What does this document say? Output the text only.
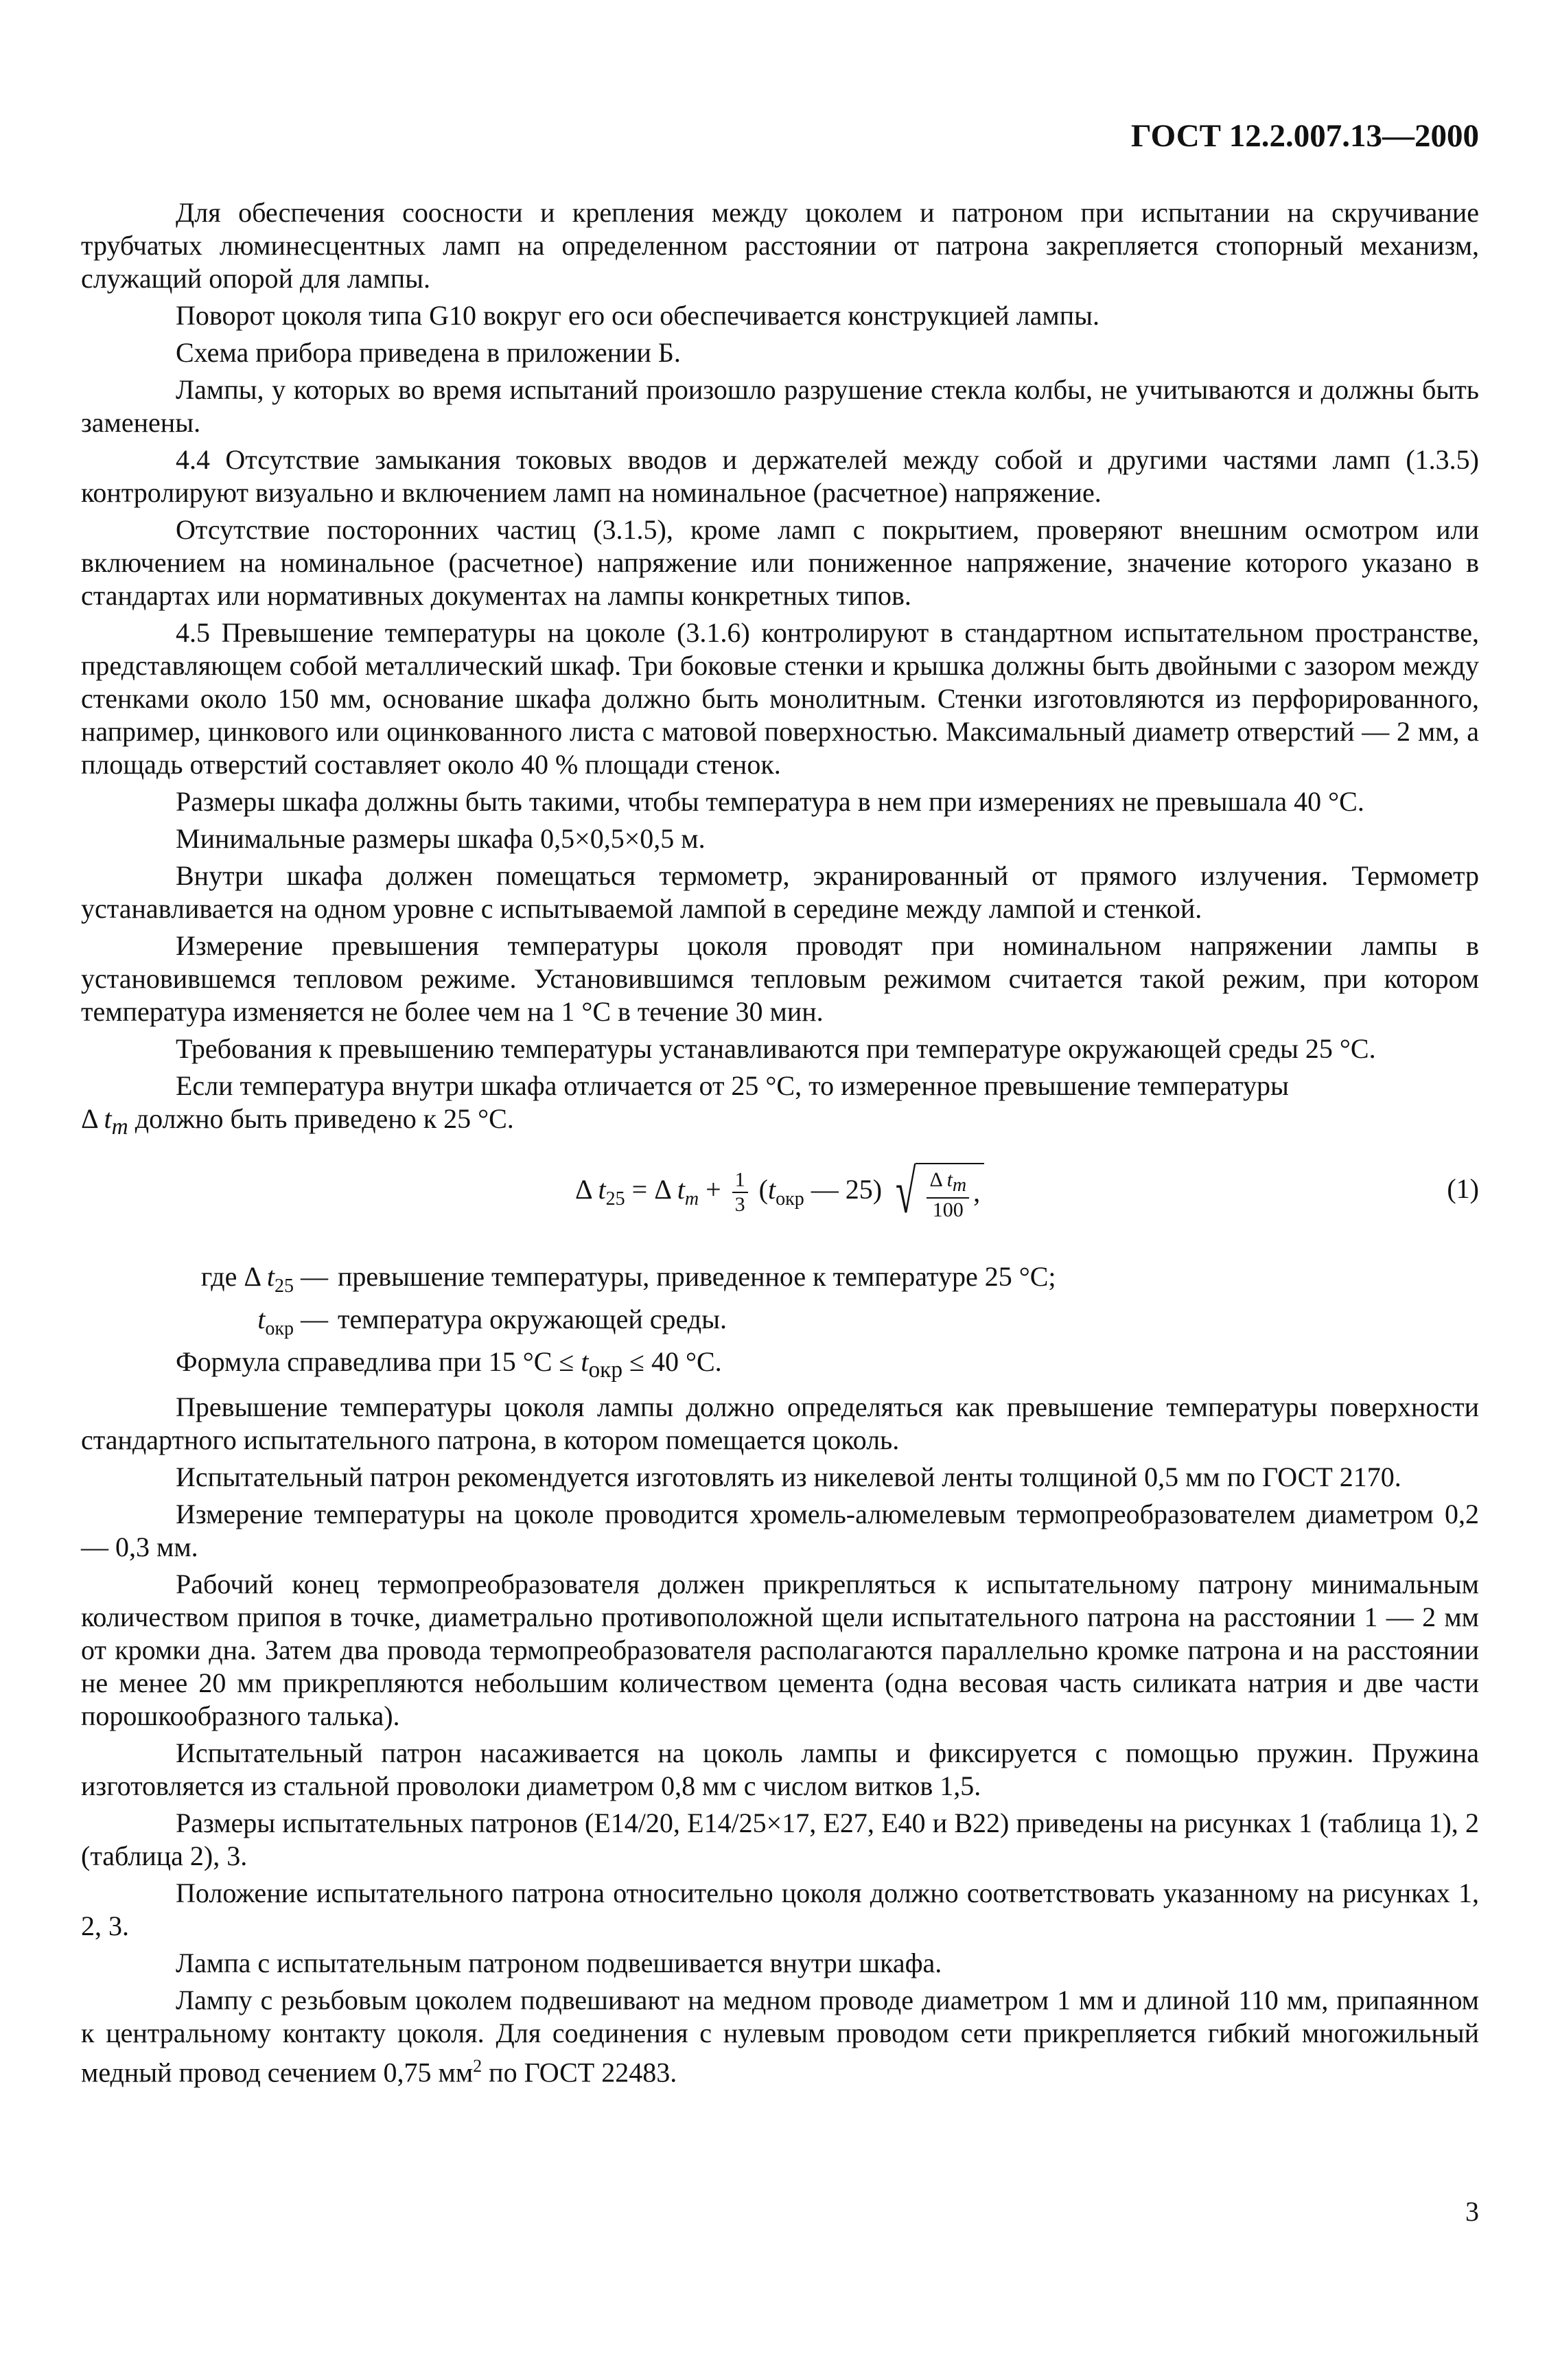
ГОСТ 12.2.007.13—2000

Для обеспечения соосности и крепления между цоколем и патроном при испытании на скручивание трубчатых люминесцентных ламп на определенном расстоянии от патрона закрепляется стопорный механизм, служащий опорой для лампы.

Поворот цоколя типа G10 вокруг его оси обеспечивается конструкцией лампы.

Схема прибора приведена в приложении Б.

Лампы, у которых во время испытаний произошло разрушение стекла колбы, не учитываются и должны быть заменены.

4.4 Отсутствие замыкания токовых вводов и держателей между собой и другими частями ламп (1.3.5) контролируют визуально и включением ламп на номинальное (расчетное) напряжение.

Отсутствие посторонних частиц (3.1.5), кроме ламп с покрытием, проверяют внешним осмотром или включением на номинальное (расчетное) напряжение или пониженное напряжение, значение которого указано в стандартах или нормативных документах на лампы конкретных типов.

4.5 Превышение температуры на цоколе (3.1.6) контролируют в стандартном испытательном пространстве, представляющем собой металлический шкаф. Три боковые стенки и крышка должны быть двойными с зазором между стенками около 150 мм, основание шкафа должно быть монолитным. Стенки изготовляются из перфорированного, например, цинкового или оцинкованного листа с матовой поверхностью. Максимальный диаметр отверстий — 2 мм, а площадь отверстий составляет около 40 % площади стенок.

Размеры шкафа должны быть такими, чтобы температура в нем при измерениях не превышала 40 °С.

Минимальные размеры шкафа 0,5×0,5×0,5 м.

Внутри шкафа должен помещаться термометр, экранированный от прямого излучения. Термометр устанавливается на одном уровне с испытываемой лампой в середине между лампой и стенкой.

Измерение превышения температуры цоколя проводят при номинальном напряжении лампы в установившемся тепловом режиме. Установившимся тепловым режимом считается такой режим, при котором температура изменяется не более чем на 1 °С в течение 30 мин.

Требования к превышению температуры устанавливаются при температуре окружающей среды 25 °С.

Если температура внутри шкафа отличается от 25 °С, то измеренное превышение температуры

Δ $t_m$ должно быть приведено к 25 °С.

Δ $t_{25} = \Delta$ $t_m + \frac{1}{3} (t_{окр}$ — 25) √ $\frac{\Delta t_m}{100}$ ,	(1)
где Δ $t_{25}$ — превышение температуры, приведенное к температуре 25 °С;
$t_{окр}$ — температура окружающей среды.

Формула справедлива при 15 $^\circ С \le t_{окр} \le 40$ °С.

Превышение температуры цоколя лампы должно определяться как превышение температуры поверхности стандартного испытательного патрона, в котором помещается цоколь.

Испытательный патрон рекомендуется изготовлять из никелевой ленты толщиной 0,5 мм по ГОСТ 2170.

Измерение температуры на цоколе проводится хромель-алюмелевым термопреобразователем диаметром 0,2 — 0,3 мм.

Рабочий конец термопреобразователя должен прикрепляться к испытательному патрону минимальным количеством припоя в точке, диаметрально противоположной щели испытательного патрона на расстоянии 1 — 2 мм от кромки дна. Затем два провода термопреобразователя располагаются параллельно кромке патрона и на расстоянии не менее 20 мм прикрепляются небольшим количеством цемента (одна весовая часть силиката натрия и две части порошкообразного талька).

Испытательный патрон насаживается на цоколь лампы и фиксируется с помощью пружин. Пружина изготовляется из стальной проволоки диаметром 0,8 мм с числом витков 1,5.

Размеры испытательных патронов (E14/20, E14/25×17, E27, E40 и B22) приведены на рисунках 1 (таблица 1), 2 (таблица 2), 3.

Положение испытательного патрона относительно цоколя должно соответствовать указанному на рисунках 1, 2, 3.

Лампа с испытательным патроном подвешивается внутри шкафа.

Лампу с резьбовым цоколем подвешивают на медном проводе диаметром 1 мм и длиной 110 мм, припаянном к центральному контакту цоколя. Для соединения с нулевым проводом сети прикрепляется гибкий многожильный медный провод сечением 0,75 $мм^2$ по ГОСТ 22483.

3
